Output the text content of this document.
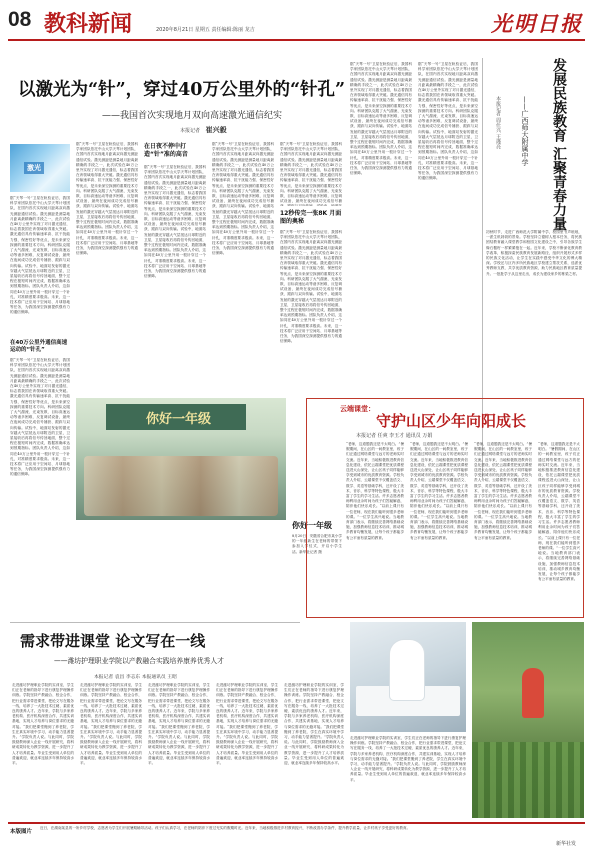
08 教科新闻	2020年8月21日 星期五 责任编辑:陈丽 龙吉	光明日报
以激光为“针”，穿过40万公里外的“针孔”
——我国首次实现地月双向高速激光通信纪实
本报记者 崔兴毅
激光
据“天琴一号”卫星在轨验证后，我国科学家团队依托中山大学天琴计划团队，在国内首次实现地月距离双向激光测距通信试验。激光测距是测量地月距离最精确的手段之一，此次试验在40万公里外实现了对月激光通信，标志着我国在该领域取得重大突破。激光通信具有传输速率高、抗干扰能力强、保密性好等优点，是未来深空探测的重要技术方向。科研团队克服了大气湍流、光束发散、目标高速运动等诸多困难，反复调试设备，最终在夜间成功完成信号捕获、跟踪与双向传输。试验中，地面站发射的激光穿越大气层抵达月球附近的卫星，卫星接收后再将信号传回地面，整个过程在极短时间内完成，数据准确率达到预期指标。团队负责人介绍，这如同在40万公里外用一根针穿过一个针孔，对准精度要求极高。未来，这一技术将广泛应用于空间站、月球基地等任务，为我国深空探测提供强有力的通信保障。
在40万公里外通信高速运动的“针孔”
据“天琴一号”卫星在轨验证后，我国科学家团队依托中山大学天琴计划团队，在国内首次实现地月距离双向激光测距通信试验。激光测距是测量地月距离最精确的手段之一，此次试验在40万公里外实现了对月激光通信，标志着我国在该领域取得重大突破。激光通信具有传输速率高、抗干扰能力强、保密性好等优点，是未来深空探测的重要技术方向。科研团队克服了大气湍流、光束发散、目标高速运动等诸多困难，反复调试设备，最终在夜间成功完成信号捕获、跟踪与双向传输。试验中，地面站发射的激光穿越大气层抵达月球附近的卫星，卫星接收后再将信号传回地面，整个过程在极短时间内完成，数据准确率达到预期指标。团队负责人介绍，这如同在40万公里外用一根针穿过一个针孔，对准精度要求极高。未来，这一技术将广泛应用于空间站、月球基地等任务，为我国深空探测提供强有力的通信保障。
据“天琴一号”卫星在轨验证后，我国科学家团队依托中山大学天琴计划团队，在国内首次实现地月距离双向激光测距通信试验。激光测距是测量地月距离最精确的手段之一，此次试验在40万公里外实现了对月激光通信，标志着我国在该领域取得重大突破。激光通信具有传输速率高、抗干扰能力强、保密性好等优点，是未来深空探测的重要技术方向。科研团队克服了大气湍流、光束发散、目标高速运动等诸多困难，反复调试设备，最终在夜间成功完成信号捕获、跟踪与双向传输。试验中，地面站发射的激光穿越大气层抵达月球附近的卫星，卫星接收后再将信号传回地面，整个过程在极短时间内完成，数据准确率达到预期指标。团队负责人介绍，这如同在40万公里外用一根针穿过一个针孔，对准精度要求极高。未来，这一技术将广泛应用于空间站、月球基地等任务，为我国深空探测提供强有力的通信保障。
在日夜不停中打造“针”准的高音
据“天琴一号”卫星在轨验证后，我国科学家团队依托中山大学天琴计划团队，在国内首次实现地月距离双向激光测距通信试验。激光测距是测量地月距离最精确的手段之一，此次试验在40万公里外实现了对月激光通信，标志着我国在该领域取得重大突破。激光通信具有传输速率高、抗干扰能力强、保密性好等优点，是未来深空探测的重要技术方向。科研团队克服了大气湍流、光束发散、目标高速运动等诸多困难，反复调试设备，最终在夜间成功完成信号捕获、跟踪与双向传输。试验中，地面站发射的激光穿越大气层抵达月球附近的卫星，卫星接收后再将信号传回地面，整个过程在极短时间内完成，数据准确率达到预期指标。团队负责人介绍，这如同在40万公里外用一根针穿过一个针孔，对准精度要求极高。未来，这一技术将广泛应用于空间站、月球基地等任务，为我国深空探测提供强有力的通信保障。
据“天琴一号”卫星在轨验证后，我国科学家团队依托中山大学天琴计划团队，在国内首次实现地月距离双向激光测距通信试验。激光测距是测量地月距离最精确的手段之一，此次试验在40万公里外实现了对月激光通信，标志着我国在该领域取得重大突破。激光通信具有传输速率高、抗干扰能力强、保密性好等优点，是未来深空探测的重要技术方向。科研团队克服了大气湍流、光束发散、目标高速运动等诸多困难，反复调试设备，最终在夜间成功完成信号捕获、跟踪与双向传输。试验中，地面站发射的激光穿越大气层抵达月球附近的卫星，卫星接收后再将信号传回地面，整个过程在极短时间内完成，数据准确率达到预期指标。团队负责人介绍，这如同在40万公里外用一根针穿过一个针孔，对准精度要求极高。未来，这一技术将广泛应用于空间站、月球基地等任务，为我国深空探测提供强有力的通信保障。
12秒传完一张8K 月面图的奥秘
据“天琴一号”卫星在轨验证后，我国科学家团队依托中山大学天琴计划团队，在国内首次实现地月距离双向激光测距通信试验。激光测距是测量地月距离最精确的手段之一，此次试验在40万公里外实现了对月激光通信，标志着我国在该领域取得重大突破。激光通信具有传输速率高、抗干扰能力强、保密性好等优点，是未来深空探测的重要技术方向。科研团队克服了大气湍流、光束发散、目标高速运动等诸多困难，反复调试设备，最终在夜间成功完成信号捕
据“天琴一号”卫星在轨验证后，我国科学家团队依托中山大学天琴计划团队，在国内首次实现地月距离双向激光测距通信试验。激光测距是测量地月距离最精确的手段之一，此次试验在40万公里外实现了对月激光通信，标志着我国在该领域取得重大突破。激光通信具有传输速率高、抗干扰能力强、保密性好等优点，是未来深空探测的重要技术方向。科研团队克服了大气湍流、光束发散、目标高速运动等诸多困难，反复调试设备，最终在夜间成功完成信号捕获、跟踪与双向传输。试验中，地面站发射的激光穿越大气层抵达月球附近的卫星，卫星接收后再将信号传回地面，整个过程在极短时间内完成，数据准确率达到预期指标。团队负责人介绍，这如同在40万公里外用一根针穿过一个针孔，对准精度要求极高。未来，这一技术将广泛应用于空间站、月球基地等任务，为我国深空探测提供强有力的通信保障。
据“天琴一号”卫星在轨验证后，我国科学家团队依托中山大学天琴计划团队，在国内首次实现地月距离双向激光测距通信试验。激光测距是测量地月距离最精确的手段之一，此次试验在40万公里外实现了对月激光通信，标志着我国在该领域取得重大突破。激光通信具有传输速率高、抗干扰能力强、保密性好等优点，是未来深空探测的重要技术方向。科研团队克服了大气湍流、光束发散、目标高速运动等诸多困难，反复调试设备，最终在夜间成功完成信号捕获、跟踪与双向传输。试验中，地面站发射的激光穿越大气层抵达月球附近的卫星，卫星接收后再将信号传回地面，整个过程在极短时间内完成，数据准确率达到预期指标。团队负责人介绍，这如同在40万公里外用一根针穿过一个针孔，对准精度要求极高。未来，这一技术将广泛应用于空间站、月球基地等任务，为我国深空探测提供强有力的通信保障。
据“天琴一号”卫星在轨验证后，我国科学家团队依托中山大学天琴计划团队，在国内首次实现地月距离双向激光测距通信试验。激光测距是测量地月距离最精确的手段之一，此次试验在40万公里外实现了对月激光通信，标志着我国在该领域取得重大突破。激光通信具有传输速率高、抗干扰能力强、保密性好等优点，是未来深空探测的重要技术方向。科研团队克服了大气湍流、光束发散、目标高速运动等诸多困难，反复调试设备，最终在夜间成功完成信号捕获、跟踪与双向传输。试验中，地面站发射的激光穿越大气层抵达月球附近的卫星，卫星接收后再将信号传回地面，整个过程在极短时间内完成，数据准确率达到预期指标。团队负责人介绍，这如同在40万公里外用一根针穿过一个针孔，对准精度要求极高。未来，这一技术将广泛应用于空间站、月球基地等任务，为我国深空探测提供强有力的通信保障。
你好一年级
你好一年级
8月20日，安徽省合肥市某小学的一年级新生在老师的带领下参加入学仪式，开启小学生活。新华社记者 摄
发展民族教育 汇聚青春力量
——广西师大附属中学
本报记者 周仕兴 王瑾亮
初秋时节，走进广西师范大学附属中学，校园里书声琅琅，一派生机勃勃的景象。学校坚持立德树人根本任务，将民族团结教育融入课堂教学和校园文化建设之中，引导各族学生像石榴籽一样紧紧抱在一起。近年来，学校不断深化教育教学改革，积极探索民族教育发展新路径，组织开展形式多样的民族文化活动，让学生在实践中感受中华文化的博大精深。学校还与区内多所民族地区学校建立帮扶关系，选派优秀教师支教，共享优质教育资源，助力民族地区教育质量提升。一批批学子从这里走出，成长为建设家乡的栋梁之材。
云端课堂：
守护山区少年向阳成长
本报记者 任爽 李玉才 通讯员 万娟
“老师，这道题我还是不太明白。”暑假期间，在山区的一间教室里，孩子们正通过网络课堂与远方的老师实时交流。近年来，当地积极推进教育信息化建设，依托云端课堂把优质课程送进大山深处，让山区孩子同样能够享受到城市的优质教育资源。学校负责人介绍，云端课堂不仅覆盖语文、数学、英语等基础学科，还开设了美术、音乐、科学等特色课程，极大丰富了学生的学习生活。许多志愿者教师利用业余时间为孩子们答疑解惑，陪伴他们快乐成长。“以前上课只有一位老师，现在我们能听到很多老师的课。”一位学生高兴地说。当地教育部门表示，将继续完善网络基础设施，加强教师信息技术培训，推动城乡教育均衡发展，让每个孩子都能享有公平而有质量的教育。
“老师，这道题我还是不太明白。”暑假期间，在山区的一间教室里，孩子们正通过网络课堂与远方的老师实时交流。近年来，当地积极推进教育信息化建设，依托云端课堂把优质课程送进大山深处，让山区孩子同样能够享受到城市的优质教育资源。学校负责人介绍，云端课堂不仅覆盖语文、数学、英语等基础学科，还开设了美术、音乐、科学等特色课程，极大丰富了学生的学习生活。许多志愿者教师利用业余时间为孩子们答疑解惑，陪伴他们快乐成长。“以前上课只有一位老师，现在我们能听到很多老师的课。”一位学生高兴地说。当地教育部门表示，将继续完善网络基础设施，加强教师信息技术培训，推动城乡教育均衡发展，让每个孩子都能享有公平而有质量的教育。
“老师，这道题我还是不太明白。”暑假期间，在山区的一间教室里，孩子们正通过网络课堂与远方的老师实时交流。近年来，当地积极推进教育信息化建设，依托云端课堂把优质课程送进大山深处，让山区孩子同样能够享受到城市的优质教育资源。学校负责人介绍，云端课堂不仅覆盖语文、数学、英语等基础学科，还开设了美术、音乐、科学等特色课程，极大丰富了学生的学习生活。许多志愿者教师利用业余时间为孩子们答疑解惑，陪伴他们快乐成长。“以前上课只有一位老师，现在我们能听到很多老师的课。”一位学生高兴地说。当地教育部门表示，将继续完善网络基础设施，加强教师信息技术培训，推动城乡教育均衡发展，让每个孩子都能享有公平而有质量的教育。
“老师，这道题我还是不太明白。”暑假期间，在山区的一间教室里，孩子们正通过网络课堂与远方的老师实时交流。近年来，当地积极推进教育信息化建设，依托云端课堂把优质课程送进大山深处，让山区孩子同样能够享受到城市的优质教育资源。学校负责人介绍，云端课堂不仅覆盖语文、数学、英语等基础学科，还开设了美术、音乐、科学等特色课程，极大丰富了学生的学习生活。许多志愿者教师利用业余时间为孩子们答疑解惑，陪伴他们快乐成长。“以前上课只有一位老师，现在我们能听到很多老师的课。”一位学生高兴地说。当地教育部门表示，将继续完善网络基础设施，加强教师信息技术培训，推动城乡教育均衡发展，让每个孩子都能享有公平而有质量的教育。
需求带进课堂 论文写在一线
——潍坊护理职业学院以产教融合实践培养康养优秀人才
本报记者 袁昌 李志东 本报通讯员 王昭
走进潍坊护理职业学院的实训室，学生们正在老师的指导下进行康复护理操作训练。学院坚持产教融合、校企合作，把行业需求带进课堂，把论文写在服务一线，培养了一大批技术过硬、素质优良的康养人才。近年来，学院与多家养老机构、医疗机构深度合作，共建实训基地，实现人才培养与岗位需求的无缝对接。“我们把课堂搬到了养老院，学生在真实环境中学习，动手能力显著提升。”学院负责人说。与此同时，学院鼓励教师深入企业一线开展研究，将科研成果转化为教学资源，进一步提升了人才培养质量。毕业生受到用人单位的普遍欢迎，就业率连续多年保持较高水平。
走进潍坊护理职业学院的实训室，学生们正在老师的指导下进行康复护理操作训练。学院坚持产教融合、校企合作，把行业需求带进课堂，把论文写在服务一线，培养了一大批技术过硬、素质优良的康养人才。近年来，学院与多家养老机构、医疗机构深度合作，共建实训基地，实现人才培养与岗位需求的无缝对接。“我们把课堂搬到了养老院，学生在真实环境中学习，动手能力显著提升。”学院负责人说。与此同时，学院鼓励教师深入企业一线开展研究，将科研成果转化为教学资源，进一步提升了人才培养质量。毕业生受到用人单位的普遍欢迎，就业率连续多年保持较高水平。
走进潍坊护理职业学院的实训室，学生们正在老师的指导下进行康复护理操作训练。学院坚持产教融合、校企合作，把行业需求带进课堂，把论文写在服务一线，培养了一大批技术过硬、素质优良的康养人才。近年来，学院与多家养老机构、医疗机构深度合作，共建实训基地，实现人才培养与岗位需求的无缝对接。“我们把课堂搬到了养老院，学生在真实环境中学习，动手能力显著提升。”学院负责人说。与此同时，学院鼓励教师深入企业一线开展研究，将科研成果转化为教学资源，进一步提升了人才培养质量。毕业生受到用人单位的普遍欢迎，就业率连续多年保持较高水平。
走进潍坊护理职业学院的实训室，学生们正在老师的指导下进行康复护理操作训练。学院坚持产教融合、校企合作，把行业需求带进课堂，把论文写在服务一线，培养了一大批技术过硬、素质优良的康养人才。近年来，学院与多家养老机构、医疗机构深度合作，共建实训基地，实现人才培养与岗位需求的无缝对接。“我们把课堂搬到了养老院，学生在真实环境中学习，动手能力显著提升。”学院负责人说。与此同时，学院鼓励教师深入企业一线开展研究，将科研成果转化为教学资源，进一步提升了人才培养质量。毕业生受到用人单位的普遍欢迎，就业率连续多年保持较高水平。
走进潍坊护理职业学院的实训室，学生们正在老师的指导下进行康复护理操作训练。学院坚持产教融合、校企合作，把行业需求带进课堂，把论文写在服务一线，培养了一大批技术过硬、素质优良的康养人才。近年来，学院与多家养老机构、医疗机构深度合作，共建实训基地，实现人才培养与岗位需求的无缝对接。“我们把课堂搬到了养老院，学生在真实环境中学习，动手能力显著提升。”学院负责人说。与此同时，学院鼓励教师深入企业一线开展研究，将科研成果转化为教学资源，进一步提升了人才培养质量。毕业生受到用人单位的普遍欢迎，就业率连续多年保持较高水平。
走进潍坊护理职业学院的实训室，学生们正在老师的指导下进行康复护理操作训练。学院坚持产教融合、校企合作，把行业需求带进课堂，把论文写在服务一线，培养了一大批技术过硬、素质优良的康养人才。近年来，学院与多家养老机构、医疗机构深度合作，共建实训基地，实现人才培养与岗位需求的无缝对接。“我们把课堂搬到了养老院，学生在真实环境中学习，动手能力显著提升。”学院负责人说。与此同时，学院鼓励教师深入企业一线开展研究，将科研成果转化为教学资源，进一步提升了人才培养质量。毕业生受到用人单位的普遍欢迎，就业率连续多年保持较高水平。
本版图片
近日，在湖南某县的一所乡村学校，志愿者为学生们开展暑期辅导活动。孩子们认真学习，在老师的陪伴下度过充实的假期时光。近年来，当地积极推进乡村教育振兴，不断改善办学条件，提升教学质量，让乡村孩子享受更好的教育。
新华社发
